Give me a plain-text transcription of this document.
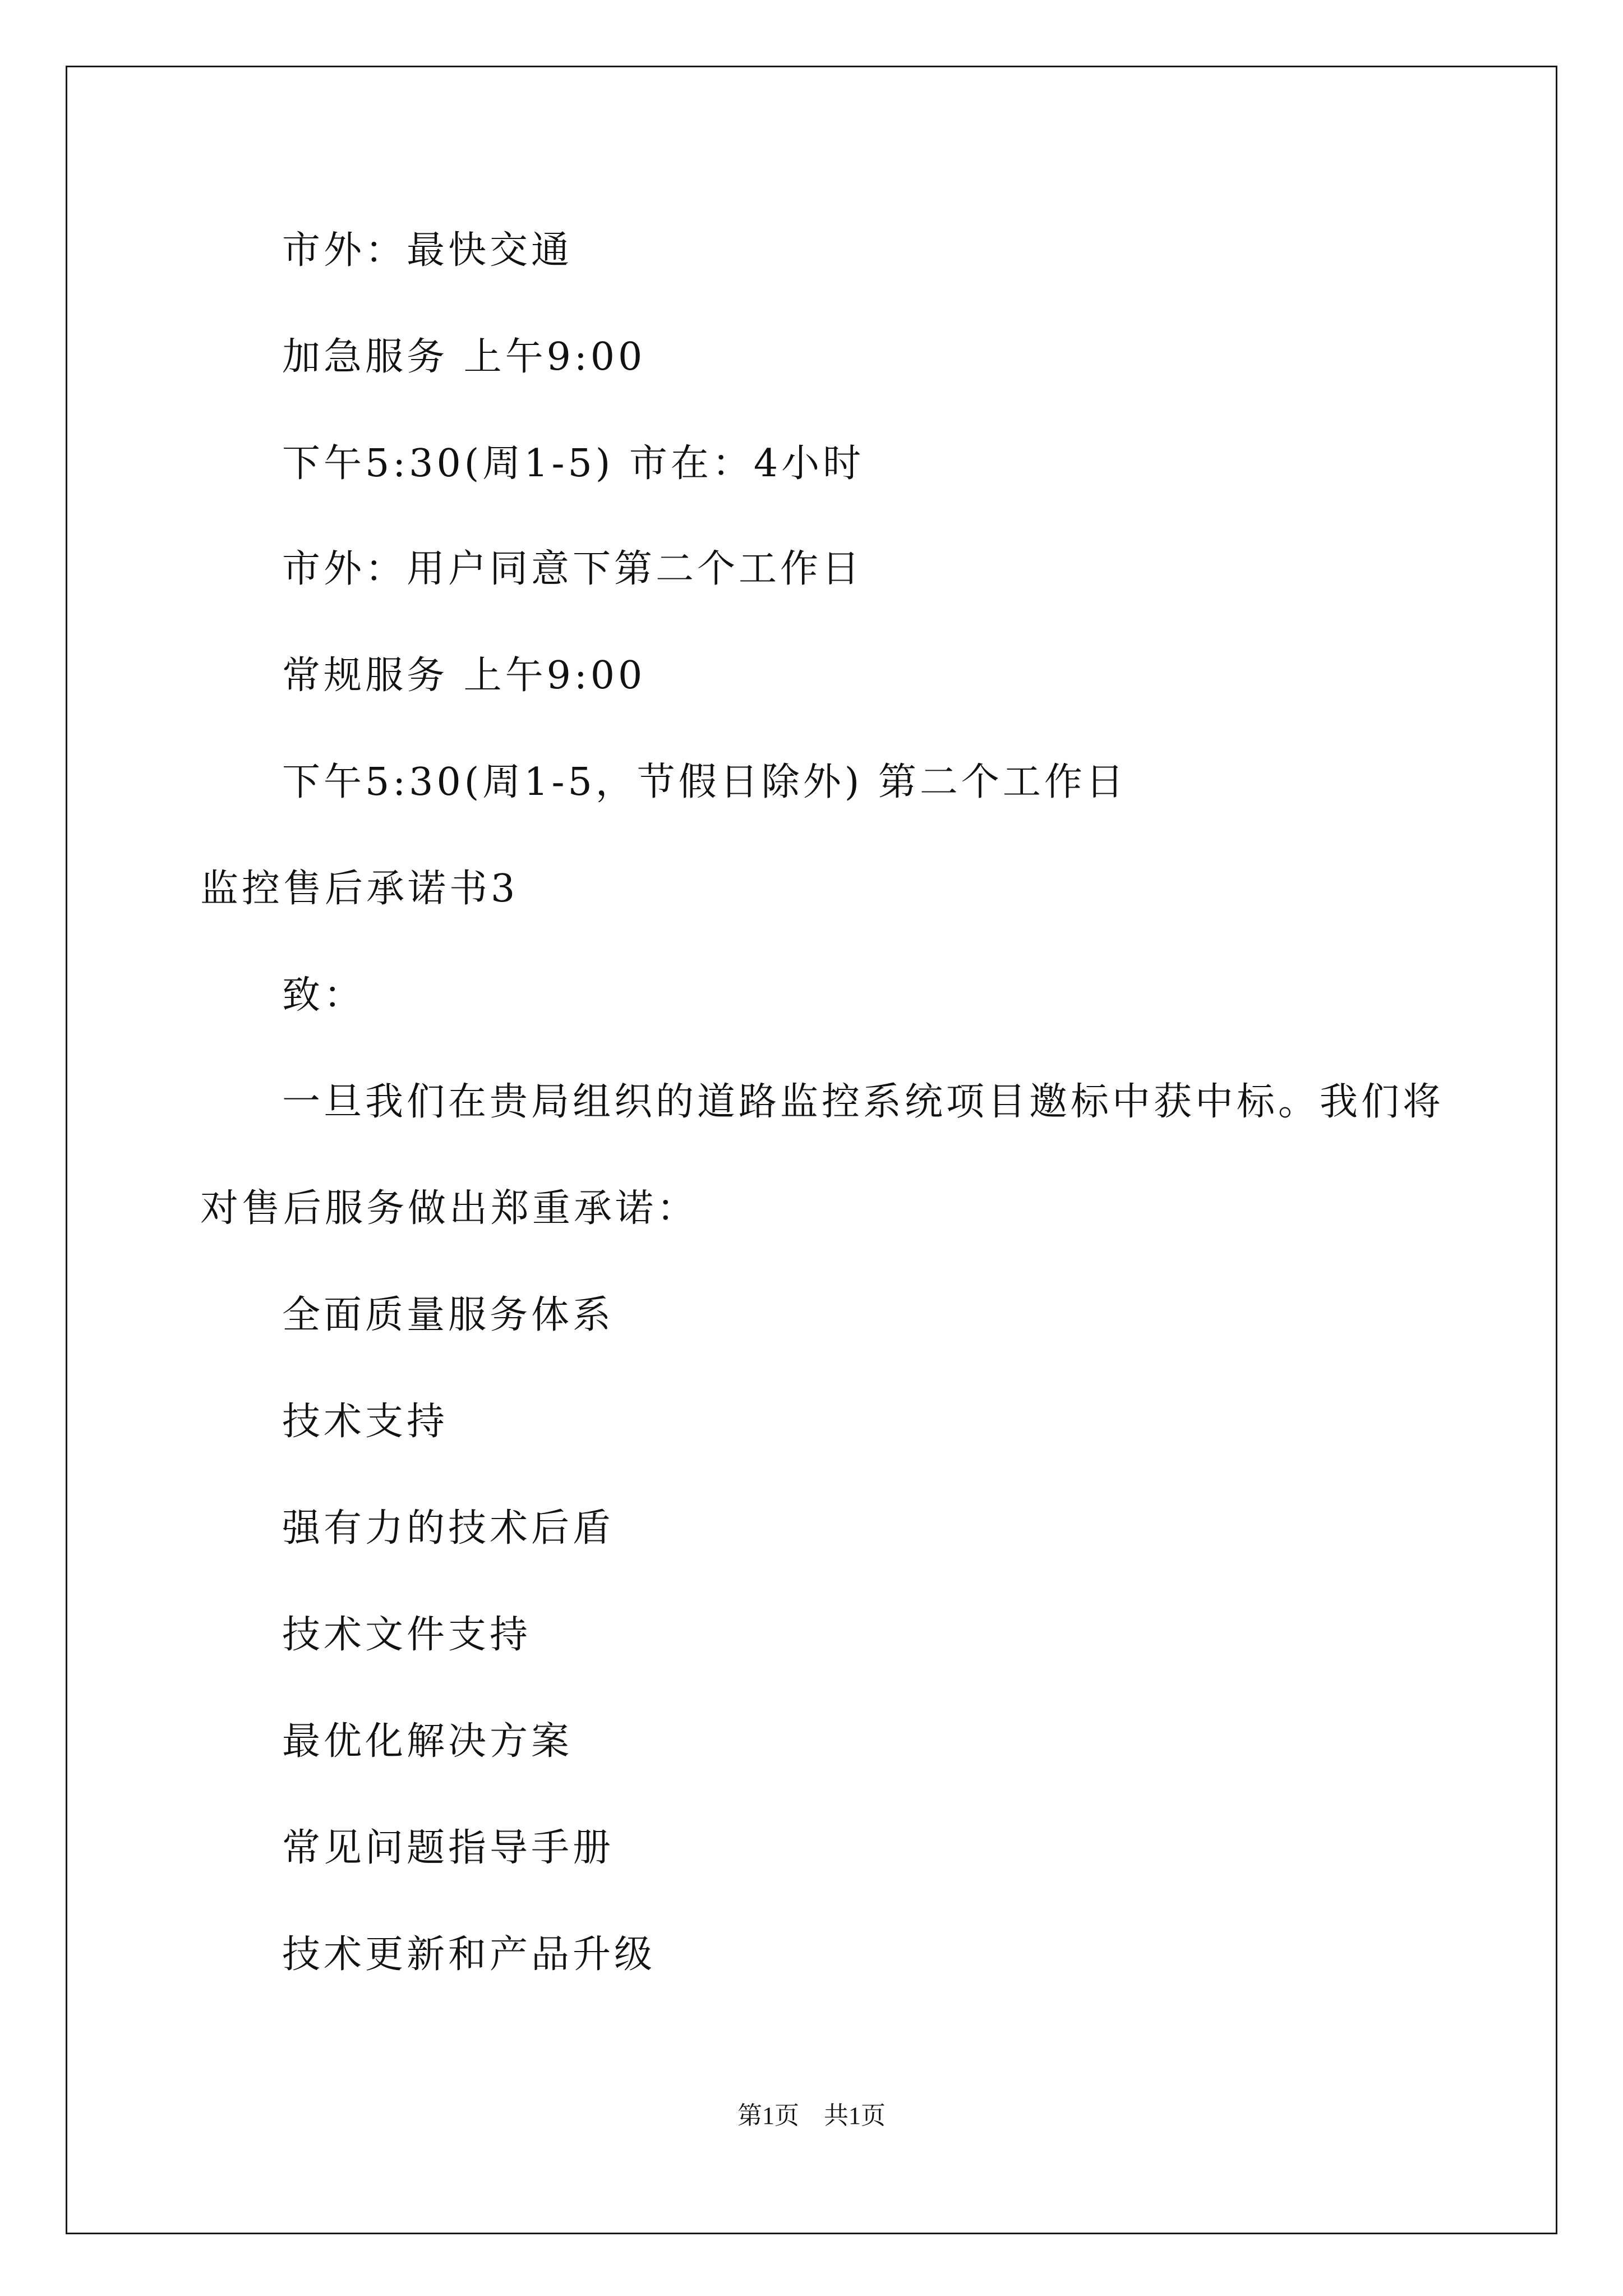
市外：最快交通
加急服务 上午9:00
下午5:30(周1-5) 市在：4小时
市外：用户同意下第二个工作日
常规服务 上午9:00
下午5:30(周1-5，节假日除外) 第二个工作日
监控售后承诺书3
致：
一旦我们在贵局组织的道路监控系统项目邀标中获中标。我们将
对售后服务做出郑重承诺：
全面质量服务体系
技术支持
强有力的技术后盾
技术文件支持
最优化解决方案
常见问题指导手册
技术更新和产品升级
第1页　共1页
